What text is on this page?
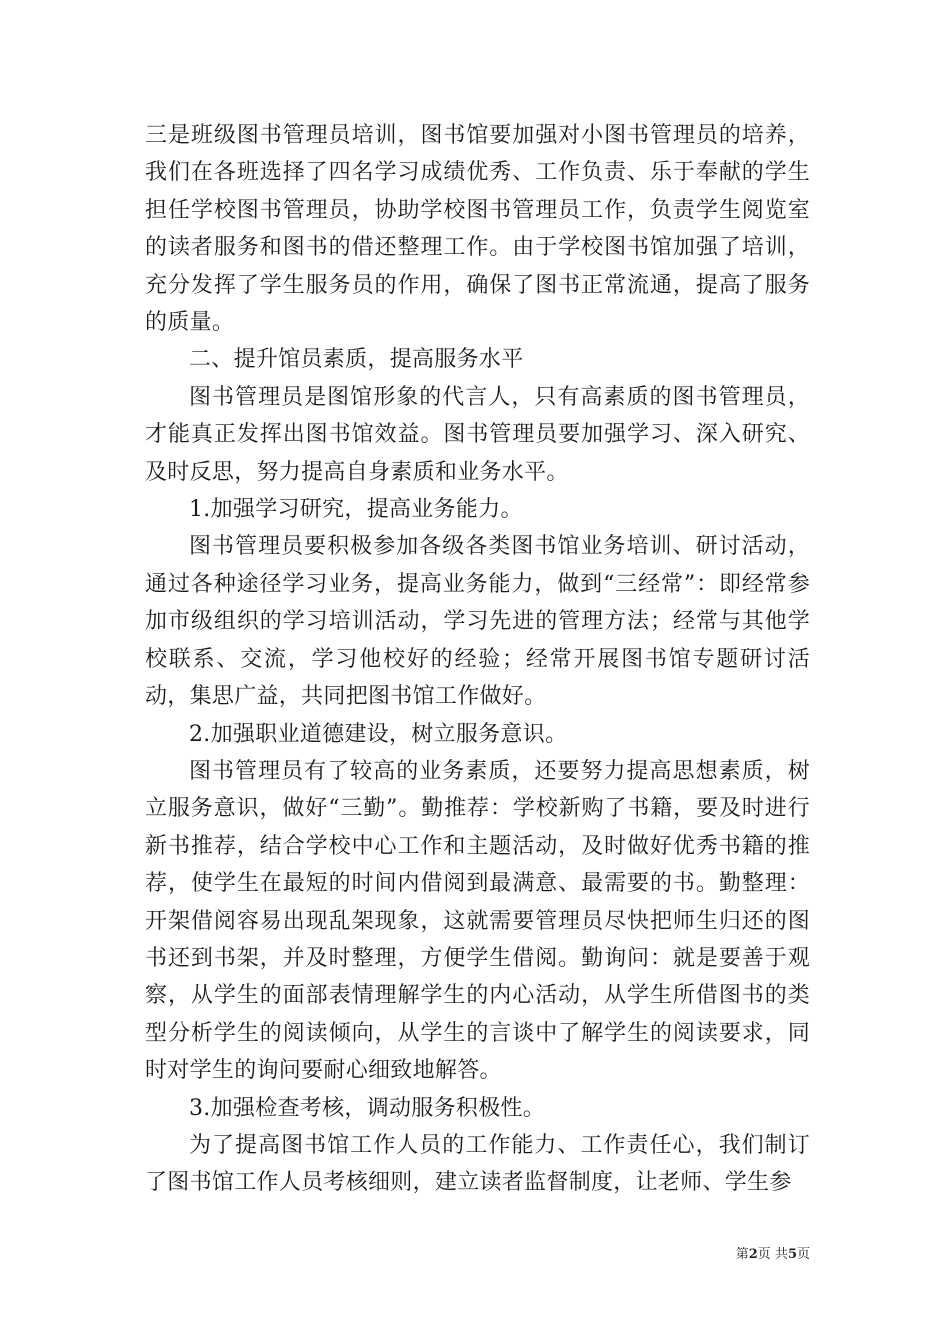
三是班级图书管理员培训，图书馆要加强对小图书管理员的培养，我们在各班选择了四名学习成绩优秀、工作负责、乐于奉献的学生担任学校图书管理员，协助学校图书管理员工作，负责学生阅览室的读者服务和图书的借还整理工作。由于学校图书馆加强了培训，充分发挥了学生服务员的作用，确保了图书正常流通，提高了服务的质量。

二、提升馆员素质，提高服务水平

图书管理员是图馆形象的代言人，只有高素质的图书管理员，才能真正发挥出图书馆效益。图书管理员要加强学习、深入研究、及时反思，努力提高自身素质和业务水平。

1.加强学习研究，提高业务能力。

图书管理员要积极参加各级各类图书馆业务培训、研讨活动，通过各种途径学习业务，提高业务能力，做到“三经常”：即经常参加市级组织的学习培训活动，学习先进的管理方法；经常与其他学校联系、交流，学习他校好的经验；经常开展图书馆专题研讨活动，集思广益，共同把图书馆工作做好。

2.加强职业道德建设，树立服务意识。

图书管理员有了较高的业务素质，还要努力提高思想素质，树立服务意识，做好“三勤”。勤推荐：学校新购了书籍，要及时进行新书推荐，结合学校中心工作和主题活动，及时做好优秀书籍的推荐，使学生在最短的时间内借阅到最满意、最需要的书。勤整理：开架借阅容易出现乱架现象，这就需要管理员尽快把师生归还的图书还到书架，并及时整理，方便学生借阅。勤询问：就是要善于观察，从学生的面部表情理解学生的内心活动，从学生所借图书的类型分析学生的阅读倾向，从学生的言谈中了解学生的阅读要求，同时对学生的询问要耐心细致地解答。

3.加强检查考核，调动服务积极性。

为了提高图书馆工作人员的工作能力、工作责任心，我们制订了图书馆工作人员考核细则，建立读者监督制度，让老师、学生参

第2页 共5页
